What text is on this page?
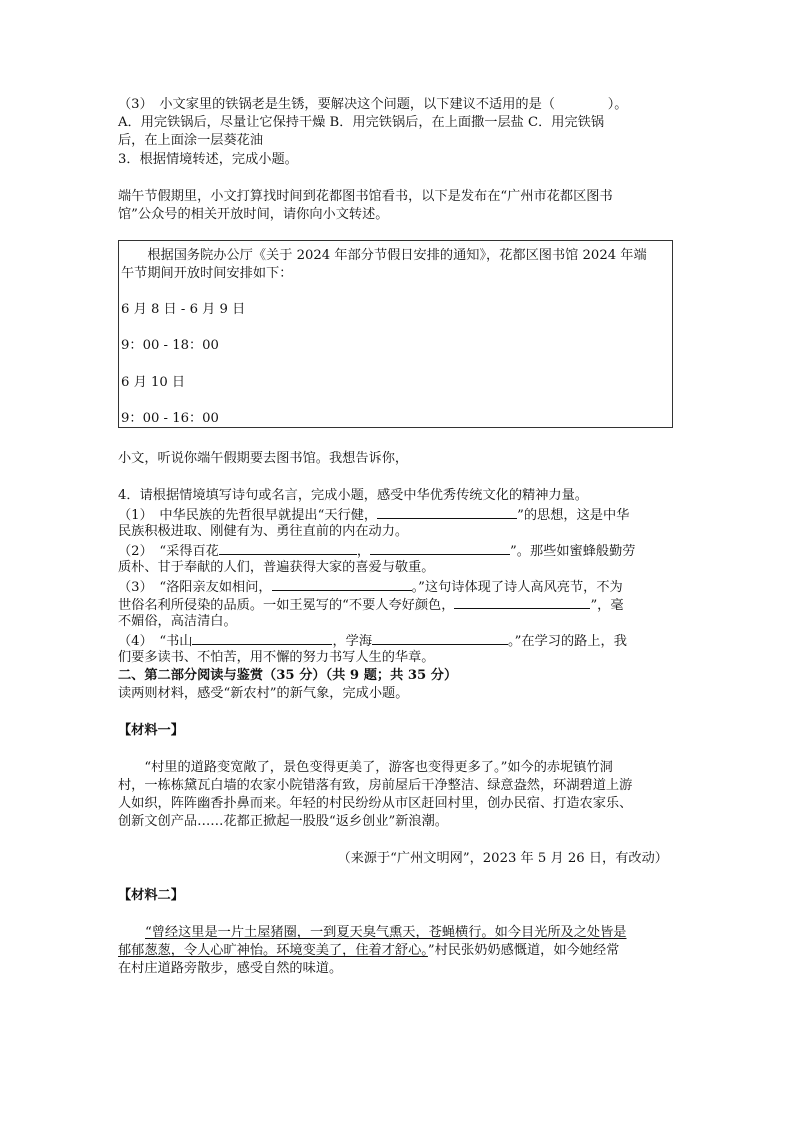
（3）　小文家里的铁锅老是生锈，要解决这个问题，以下建议不适用的是（　　　　）。
A．用完铁锅后，尽量让它保持干燥 B．用完铁锅后，在上面撒一层盐 C．用完铁锅
后，在上面涂一层葵花油
3．根据情境转述，完成小题。
端午节假期里，小文打算找时间到花都图书馆看书，以下是发布在“广州市花都区图书
馆”公众号的相关开放时间，请你向小文转述。
　　根据国务院办公厅《关于 2024 年部分节假日安排的通知》，花都区图书馆 2024 年端
午节期间开放时间安排如下：
6 月 8 日 - 6 月 9 日
9：00 - 18：00
6 月 10 日
9：00 - 16：00
小文，听说你端午假期要去图书馆。我想告诉你，
4．请根据情境填写诗句或名言，完成小题，感受中华优秀传统文化的精神力量。
（1）　中华民族的先哲很早就提出“天行健，	”的思想，这是中华
民族积极进取、刚健有为、勇往直前的内在动力。
（2）　“采得百花	，	”。那些如蜜蜂般勤劳
质朴、甘于奉献的人们，普遍获得大家的喜爱与敬重。
（3）　“洛阳亲友如相问，	。”这句诗体现了诗人高风亮节，不为
世俗名利所侵染的品质。一如王冕写的“不要人夸好颜色，	”，毫
不媚俗，高洁清白。
（4）　“书山	，学海	。”在学习的路上，我
们要多读书、不怕苦，用不懈的努力书写人生的华章。
二、第二部分阅读与鉴赏（35 分）（共 9 题；共 35 分）
读两则材料，感受“新农村”的新气象，完成小题。
【材料一】
　　“村里的道路变宽敞了，景色变得更美了，游客也变得更多了。”如今的赤坭镇竹洞
村，一栋栋黛瓦白墙的农家小院错落有致，房前屋后干净整洁、绿意盎然，环湖碧道上游
人如织，阵阵幽香扑鼻而来。年轻的村民纷纷从市区赶回村里，创办民宿、打造农家乐、
创新文创产品……花都正掀起一股股“返乡创业”新浪潮。
（来源于“广州文明网”，2023 年 5 月 26 日，有改动）
【材料二】
“曾经这里是一片土屋猪圈，一到夏天臭气熏天，苍蝇横行。如今目光所及之处皆是
郁郁葱葱，令人心旷神怡。环境变美了，住着才舒心。”村民张奶奶感慨道，如今她经常
在村庄道路旁散步，感受自然的味道。
